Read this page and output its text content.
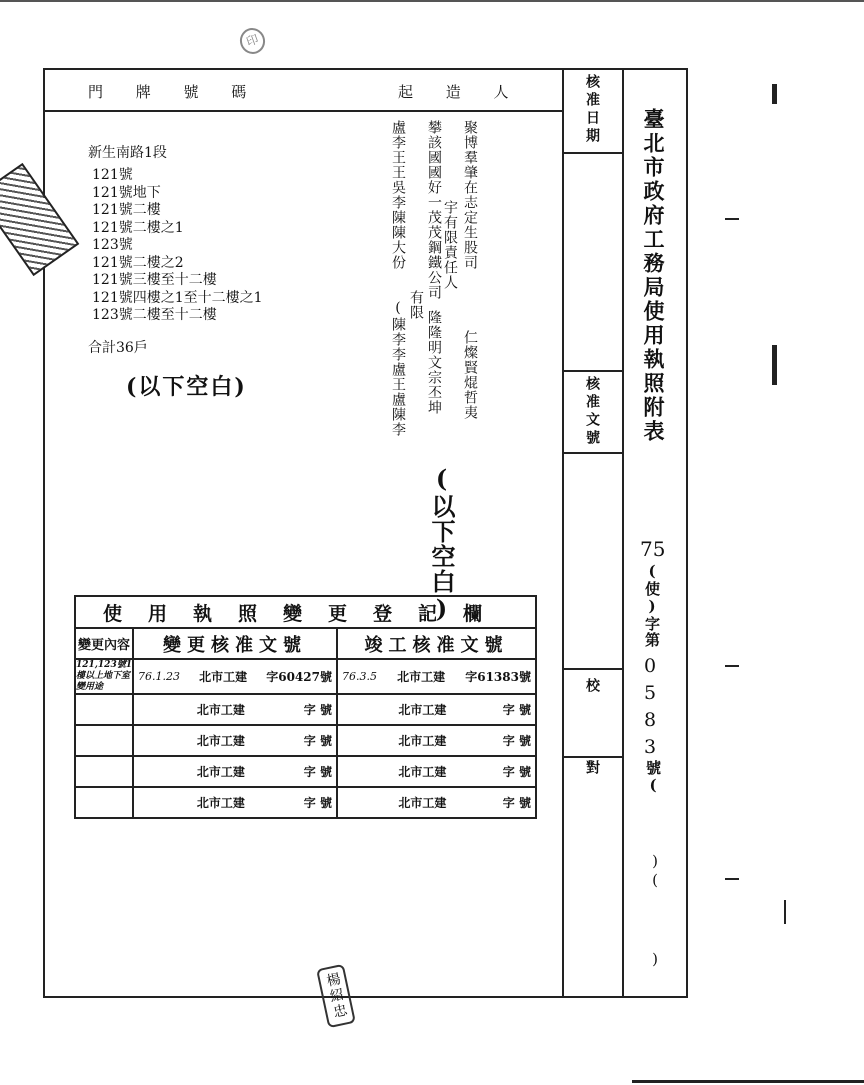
門 牌 號 碼	起 造 人	核准日期
核准文號
校 對
臺北市政府工務局使用執照附表
75
(使)字第
0583
號(
)(
)
新生南路1段
121號
121號地下
121號二樓
121號二樓之1
123號
121號二樓之2
121號三樓至十二樓
121號四樓之1至十二樓之1
123號二樓至十二樓
合計36戶
(以下空白)
聚博羣肇在志定生股司
攀該國國好一茂茂鋼鐵公司
盧李王王吳李陳陳大份	宇有限責任人
有限
(陳李李盧王盧陳李 隆隆明文宗丕坤 仁燦賢焜哲夷
(以下空白)
使用執照變更登記欄		
變更內容	變更核准文號	竣工核准文號
121,123號1樓以上地下室變用途	76.1.23 北市工建 字60427號	76.3.5 北市工建 字61383號

	北市工建 字 號	北市工建 字 號

	北市工建 字 號	北市工建 字 號

	北市工建 字 號	北市工建 字 號

	北市工建 字 號	北市工建 字 號
楊紹忠
印
